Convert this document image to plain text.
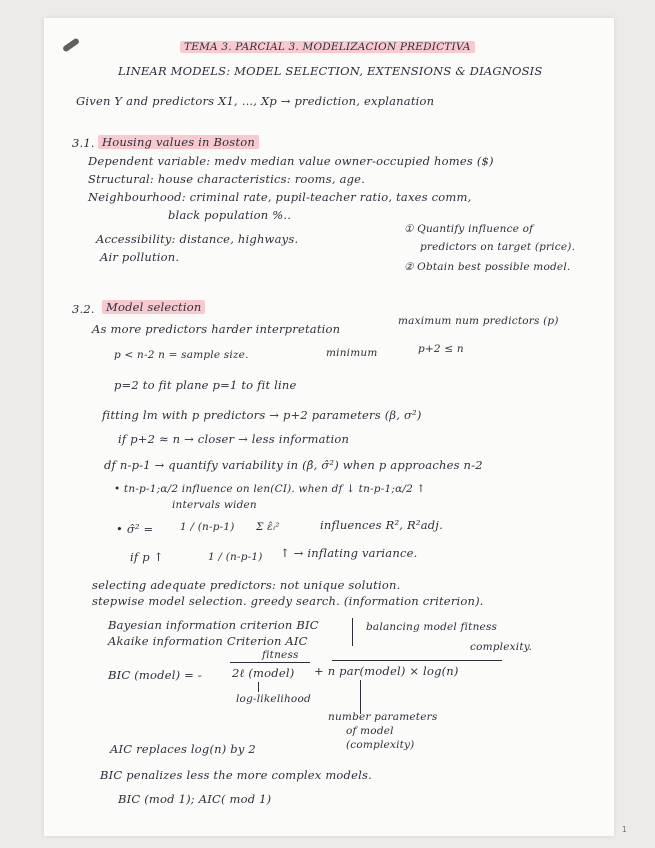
TEMA 3. PARCIAL 3. MODELIZACION PREDICTIVA
LINEAR MODELS: MODEL SELECTION, EXTENSIONS & DIAGNOSIS
Given Y and predictors X1, ..., Xp → prediction, explanation
3.1. Housing values in Boston
Dependent variable: medv median value owner-occupied homes ($)
Structural: house characteristics: rooms, age.
Neighbourhood: criminal rate, pupil-teacher ratio, taxes comm,
black population %..
Accessibility: distance, highways.
Air pollution.
① Quantify influence of
predictors on target (price).
② Obtain best possible model.
3.2. Model selection
As more predictors harder interpretation
maximum num predictors (p)
p < n-2 n = sample size.	minimum	p+2 ≤ n
p=2 to fit plane p=1 to fit line
fitting lm with p predictors → p+2 parameters (β, σ²)
if p+2 ≈ n → closer → less information
df n-p-1 → quantify variability in (β̂, σ̂²) when p approaches n-2
• tn-p-1;α/2 influence on len(CI). when df ↓ tn-p-1;α/2 ↑
intervals widen
• σ̂² =	1 / (n-p-1) Σ ε̂ᵢ²	influences R², R²adj.
if p ↑	1 / (n-p-1) ↑ → inflating variance.
selecting adequate predictors: not unique solution.
stepwise model selection. greedy search. (information criterion).
Bayesian information criterion BIC
Akaike information Criterion AIC
balancing model fitness
complexity.
BIC (model) = -	2ℓ (model) + n par(model) × log(n)
fitness
log-likelihood
number parameters
of model
(complexity)
AIC replaces log(n) by 2
BIC penalizes less the more complex models.
BIC (mod 1); AIC( mod 1)
1
